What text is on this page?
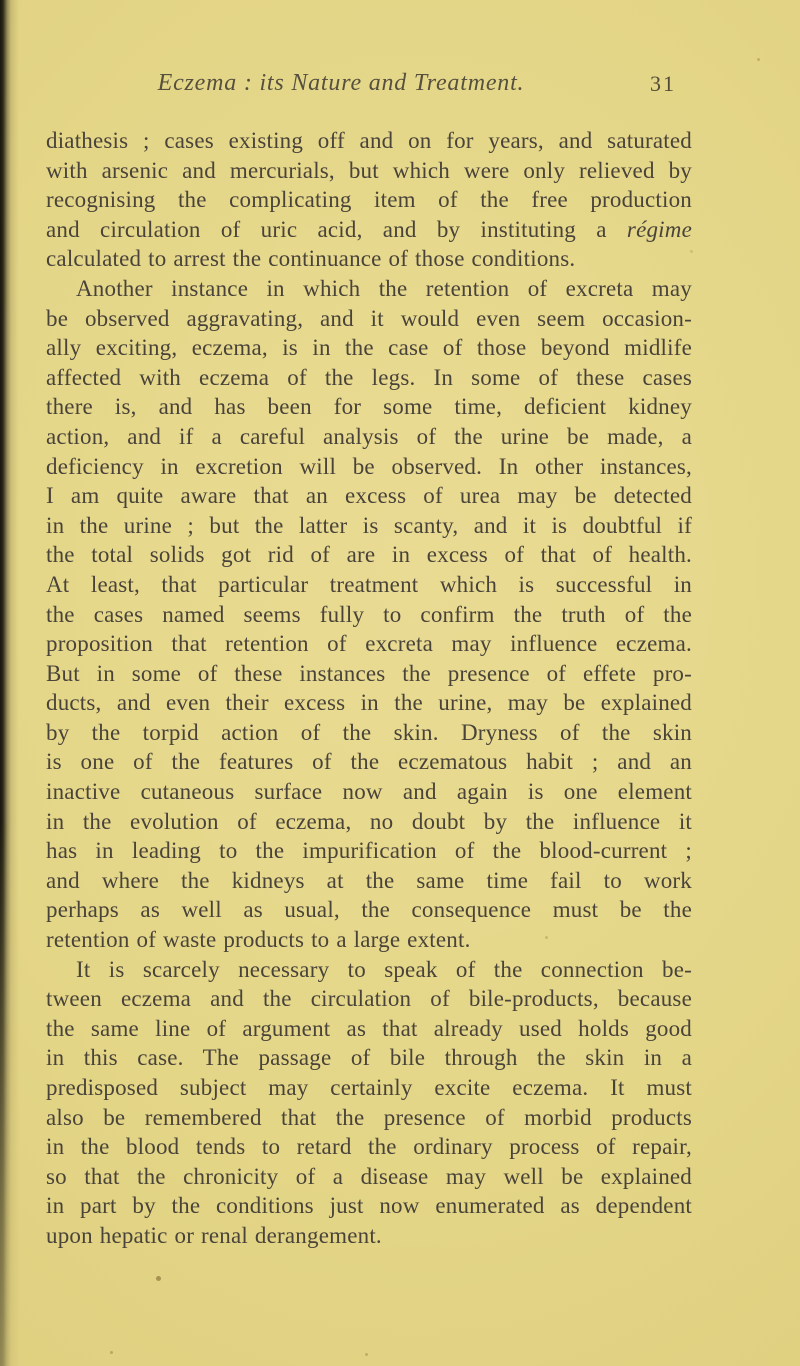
Eczema : its Nature and Treatment.	31
diathesis ; cases existing off and on for years, and saturated
with arsenic and mercurials, but which were only relieved by
recognising the complicating item of the free production
and circulation of uric acid, and by instituting a régime
calculated to arrest the continuance of those conditions.
Another instance in which the retention of excreta may
be observed aggravating, and it would even seem occasion-
ally exciting, eczema, is in the case of those beyond midlife
affected with eczema of the legs. In some of these cases
there is, and has been for some time, deficient kidney
action, and if a careful analysis of the urine be made, a
deficiency in excretion will be observed. In other instances,
I am quite aware that an excess of urea may be detected
in the urine ; but the latter is scanty, and it is doubtful if
the total solids got rid of are in excess of that of health.
At least, that particular treatment which is successful in
the cases named seems fully to confirm the truth of the
proposition that retention of excreta may influence eczema.
But in some of these instances the presence of effete pro-
ducts, and even their excess in the urine, may be explained
by the torpid action of the skin. Dryness of the skin
is one of the features of the eczematous habit ; and an
inactive cutaneous surface now and again is one element
in the evolution of eczema, no doubt by the influence it
has in leading to the impurification of the blood-current ;
and where the kidneys at the same time fail to work
perhaps as well as usual, the consequence must be the
retention of waste products to a large extent.
It is scarcely necessary to speak of the connection be-
tween eczema and the circulation of bile-products, because
the same line of argument as that already used holds good
in this case. The passage of bile through the skin in a
predisposed subject may certainly excite eczema. It must
also be remembered that the presence of morbid products
in the blood tends to retard the ordinary process of repair,
so that the chronicity of a disease may well be explained
in part by the conditions just now enumerated as dependent
upon hepatic or renal derangement.
